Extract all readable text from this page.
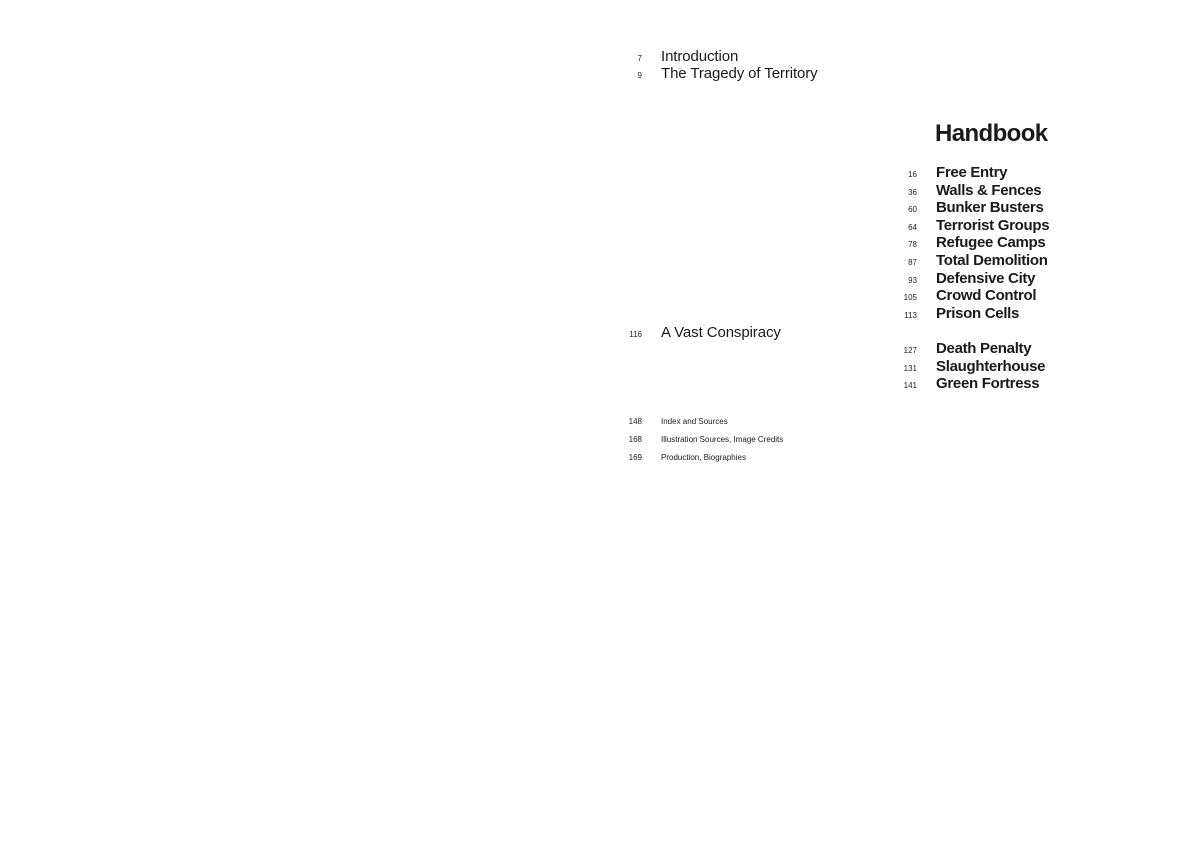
7 Introduction
9 The Tragedy of Territory
Handbook
16 Free Entry
36 Walls & Fences
60 Bunker Busters
64 Terrorist Groups
78 Refugee Camps
87 Total Demolition
93 Defensive City
105 Crowd Control
113 Prison Cells
116 A Vast Conspiracy
127 Death Penalty
131 Slaughterhouse
141 Green Fortress
148 Index and Sources
168 Illustration Sources, Image Credits
169 Production, Biographies
